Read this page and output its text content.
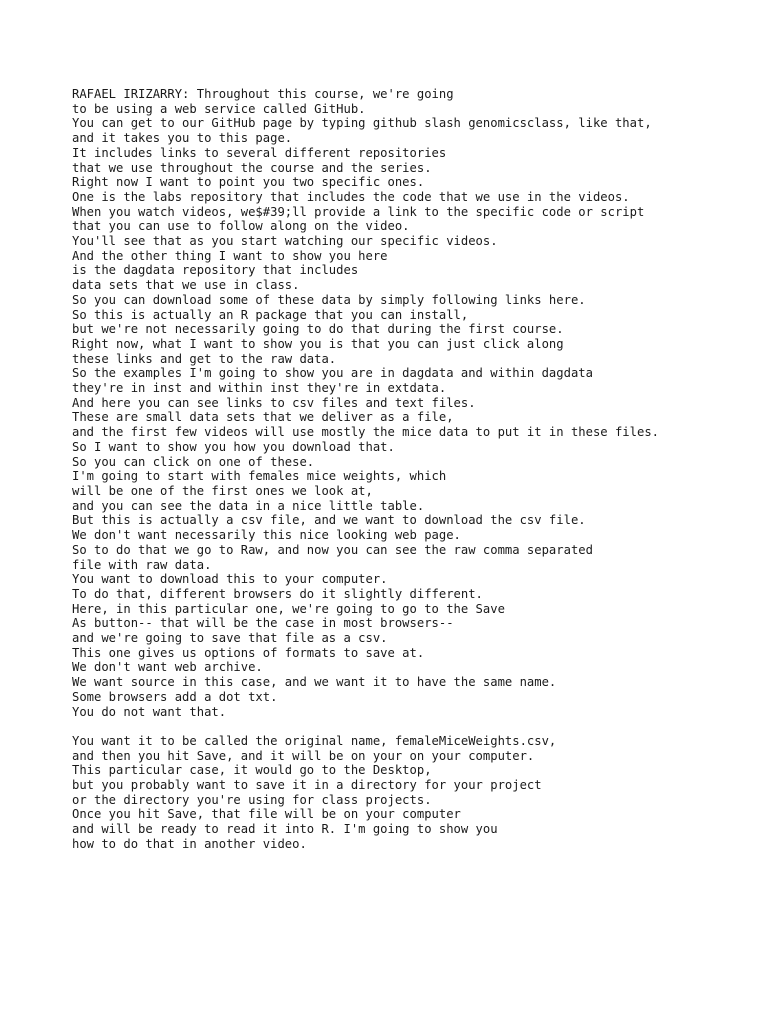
RAFAEL IRIZARRY: Throughout this course, we're going
to be using a web service called GitHub.
You can get to our GitHub page by typing github slash genomicsclass, like that,
and it takes you to this page.
It includes links to several different repositories
that we use throughout the course and the series.
Right now I want to point you two specific ones.
One is the labs repository that includes the code that we use in the videos.
When you watch videos, we$#39;ll provide a link to the specific code or script
that you can use to follow along on the video.
You'll see that as you start watching our specific videos.
And the other thing I want to show you here
is the dagdata repository that includes
data sets that we use in class.
So you can download some of these data by simply following links here.
So this is actually an R package that you can install,
but we're not necessarily going to do that during the first course.
Right now, what I want to show you is that you can just click along
these links and get to the raw data.
So the examples I'm going to show you are in dagdata and within dagdata
they're in inst and within inst they're in extdata.
And here you can see links to csv files and text files.
These are small data sets that we deliver as a file,
and the first few videos will use mostly the mice data to put it in these files.
So I want to show you how you download that.
So you can click on one of these.
I'm going to start with females mice weights, which
will be one of the first ones we look at,
and you can see the data in a nice little table.
But this is actually a csv file, and we want to download the csv file.
We don't want necessarily this nice looking web page.
So to do that we go to Raw, and now you can see the raw comma separated
file with raw data.
You want to download this to your computer.
To do that, different browsers do it slightly different.
Here, in this particular one, we're going to go to the Save
As button-- that will be the case in most browsers--
and we're going to save that file as a csv.
This one gives us options of formats to save at.
We don't want web archive.
We want source in this case, and we want it to have the same name.
Some browsers add a dot txt.
You do not want that.
You want it to be called the original name, femaleMiceWeights.csv,
and then you hit Save, and it will be on your on your computer.
This particular case, it would go to the Desktop,
but you probably want to save it in a directory for your project
or the directory you're using for class projects.
Once you hit Save, that file will be on your computer
and will be ready to read it into R. I'm going to show you
how to do that in another video.
